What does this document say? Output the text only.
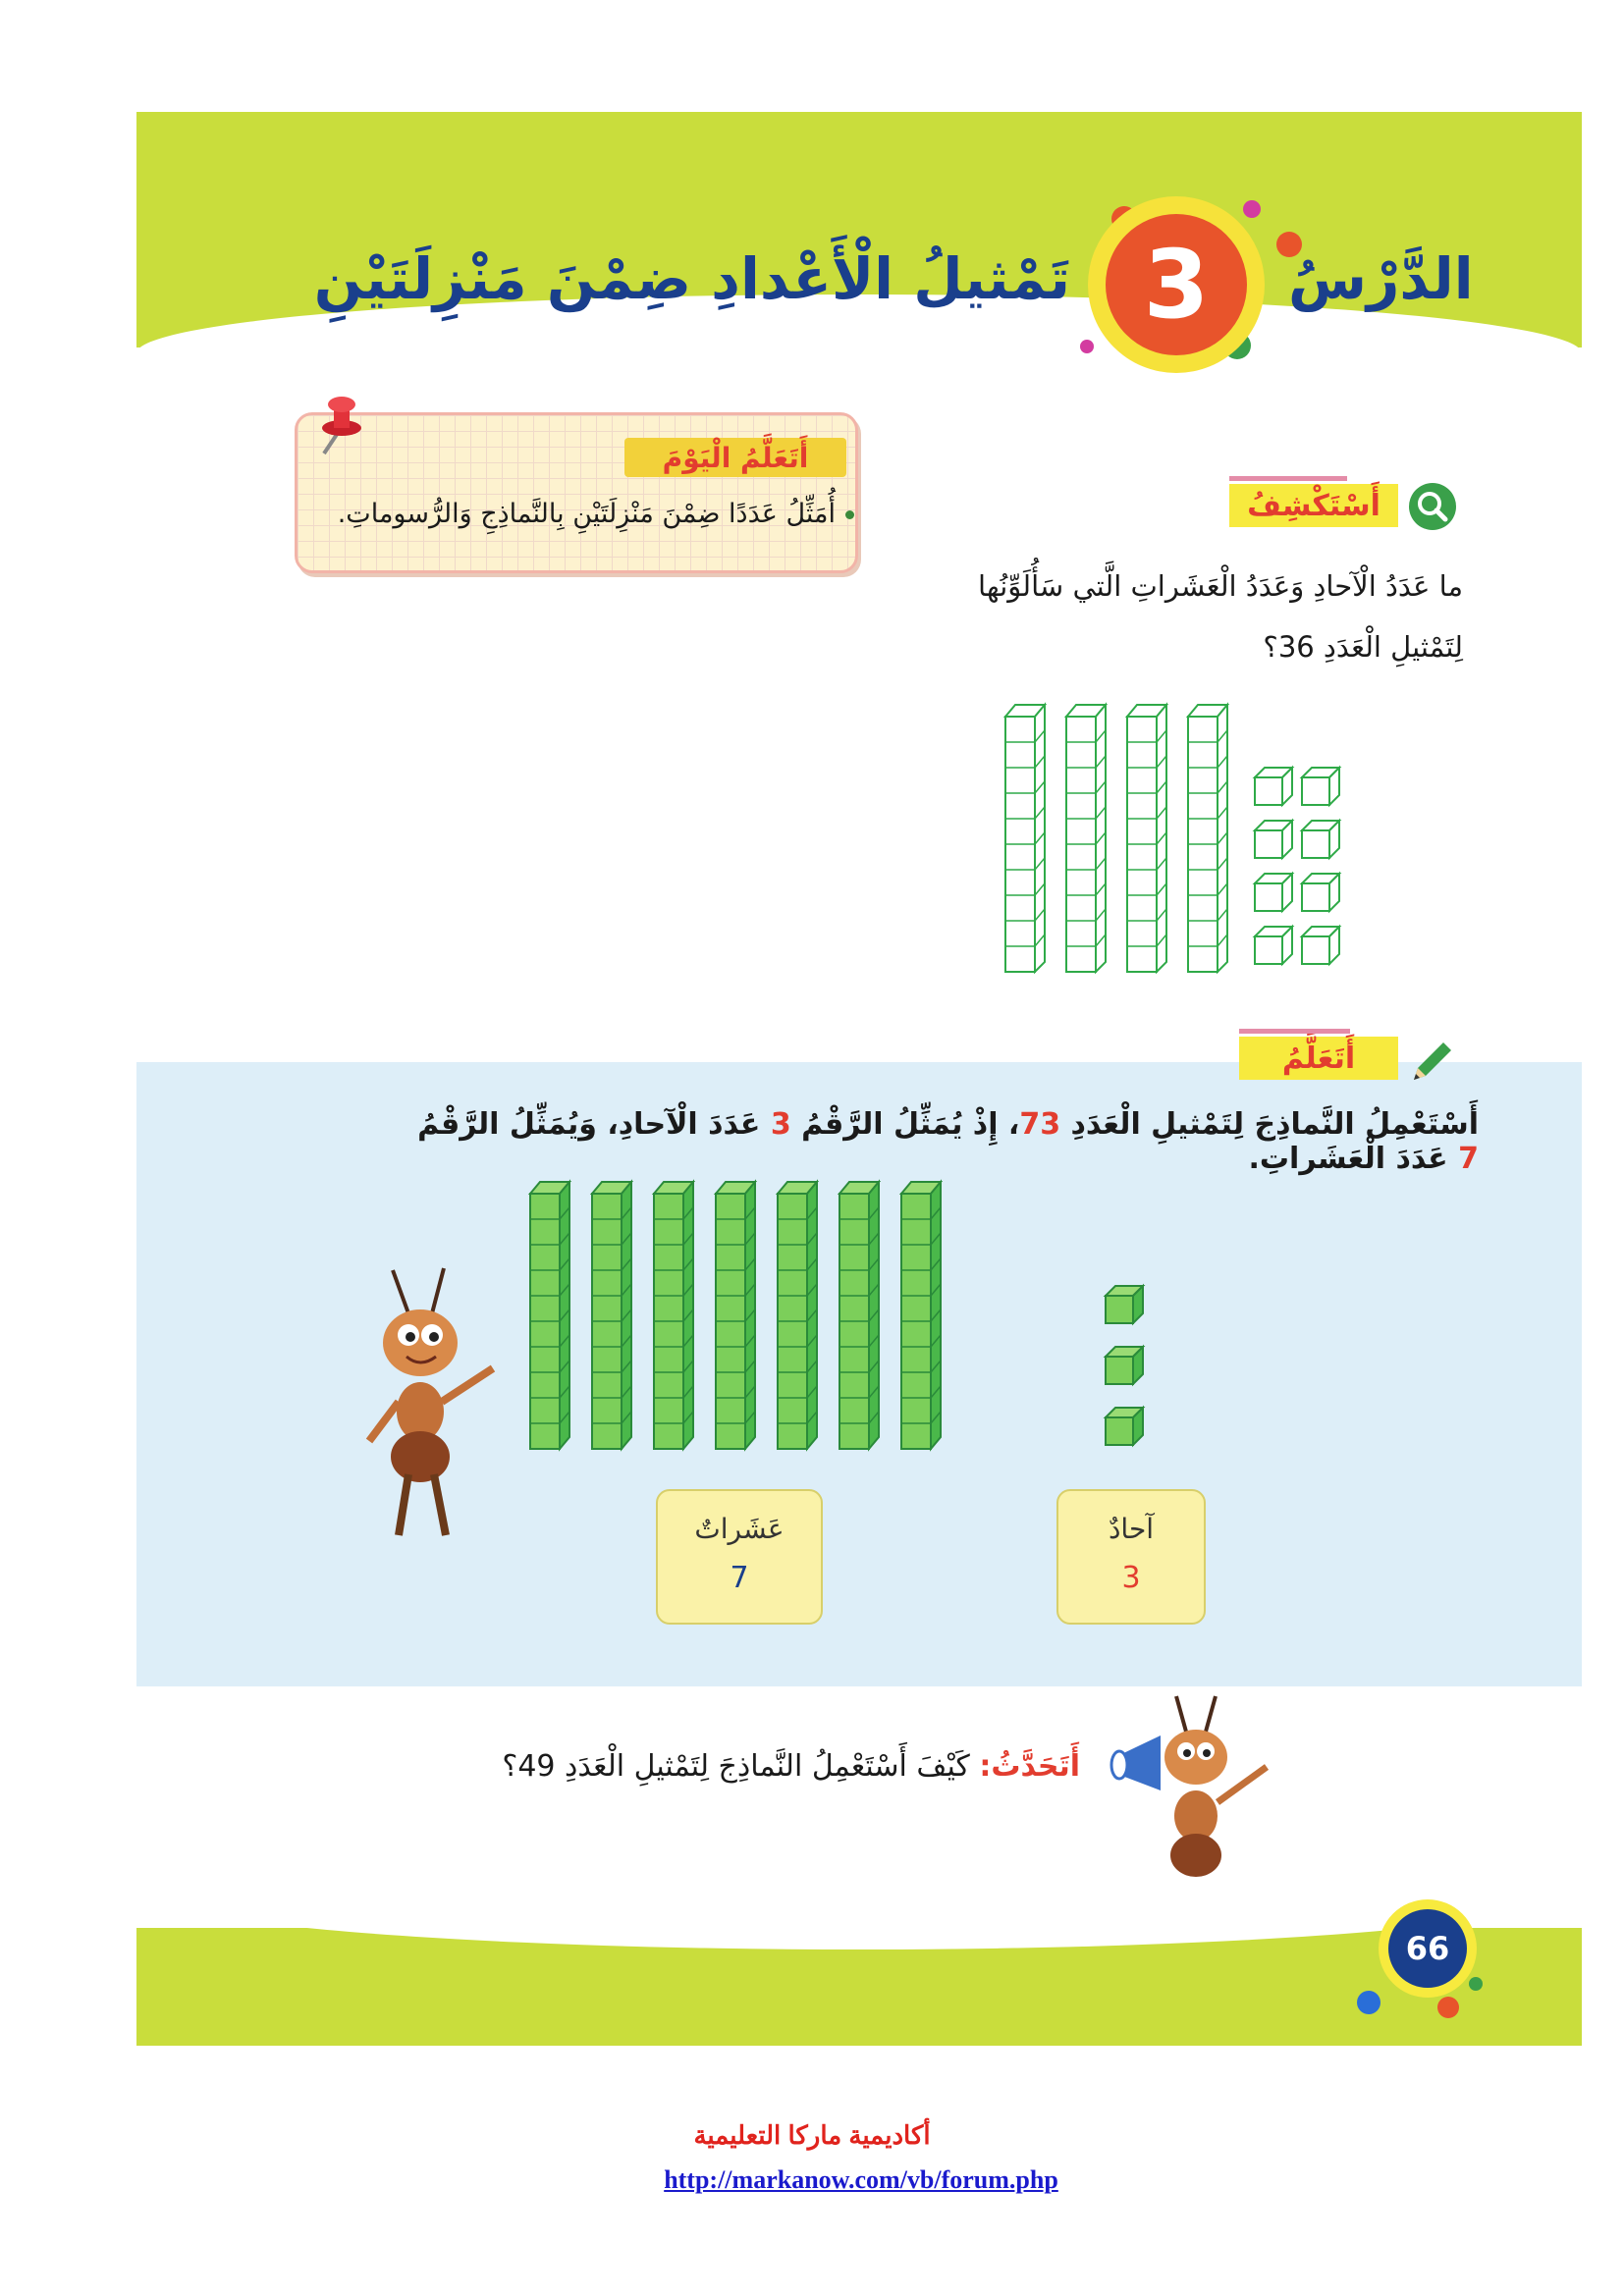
3	الدَّرْسُ
تَمْثيلُ الْأَعْدادِ ضِمْنَ مَنْزِلَتَيْنِ
أَتَعَلَّمُ الْيَوْمَ
أُمَثِّلُ عَدَدًا ضِمْنَ مَنْزِلَتَيْنِ بِالنَّماذِجِ وَالرُّسوماتِ.	أَسْتَكْشِفُ
ما عَدَدُ الْآحادِ وَعَدَدُ الْعَشَراتِ الَّتي سَأُلَوِّنُها
لِتَمْثيلِ الْعَدَدِ 36؟
أَتَعَلَّمُ
أَسْتَعْمِلُ النَّماذِجَ لِتَمْثيلِ الْعَدَدِ 73، إِذْ يُمَثِّلُ الرَّقْمُ 3 عَدَدَ الْآحادِ، وَيُمَثِّلُ الرَّقْمُ 7 عَدَدَ الْعَشَراتِ.
عَشَراتٌ
7
آحادٌ
3
أَتَحَدَّثُ: كَيْفَ أَسْتَعْمِلُ النَّماذِجَ لِتَمْثيلِ الْعَدَدِ 49؟
66
أكاديمية ماركا التعليمية
http://markanow.com/vb/forum.php
